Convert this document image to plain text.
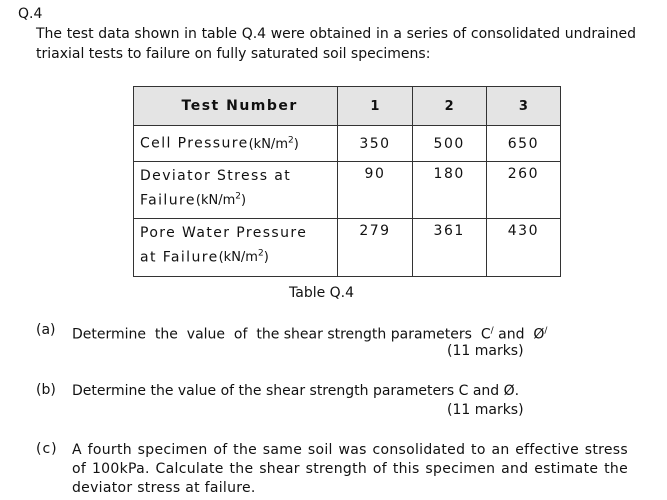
Q.4
The test data shown in table Q.4 were obtained in a series of consolidated undrained triaxial tests to failure on fully saturated soil specimens:
Test Number	1	2	3
Cell $Pressure(kN/m^2)$	350	500	650
Deviator Stress at
$Failure(kN/m^2)$	90	180	260
Pore Water Pressure
at $Failure(kN/m^2)$	279	361	430
Table Q.4
(a) Determine  the  value  of  the shear strength parameters  C/ and  Ø/
(11 marks)
(b) Determine the value of the shear strength parameters C and Ø.
(11 marks)
(c) A fourth specimen of the same soil was consolidated to an effective stress of 100kPa. Calculate the shear strength of this specimen and estimate the deviator stress at failure.
